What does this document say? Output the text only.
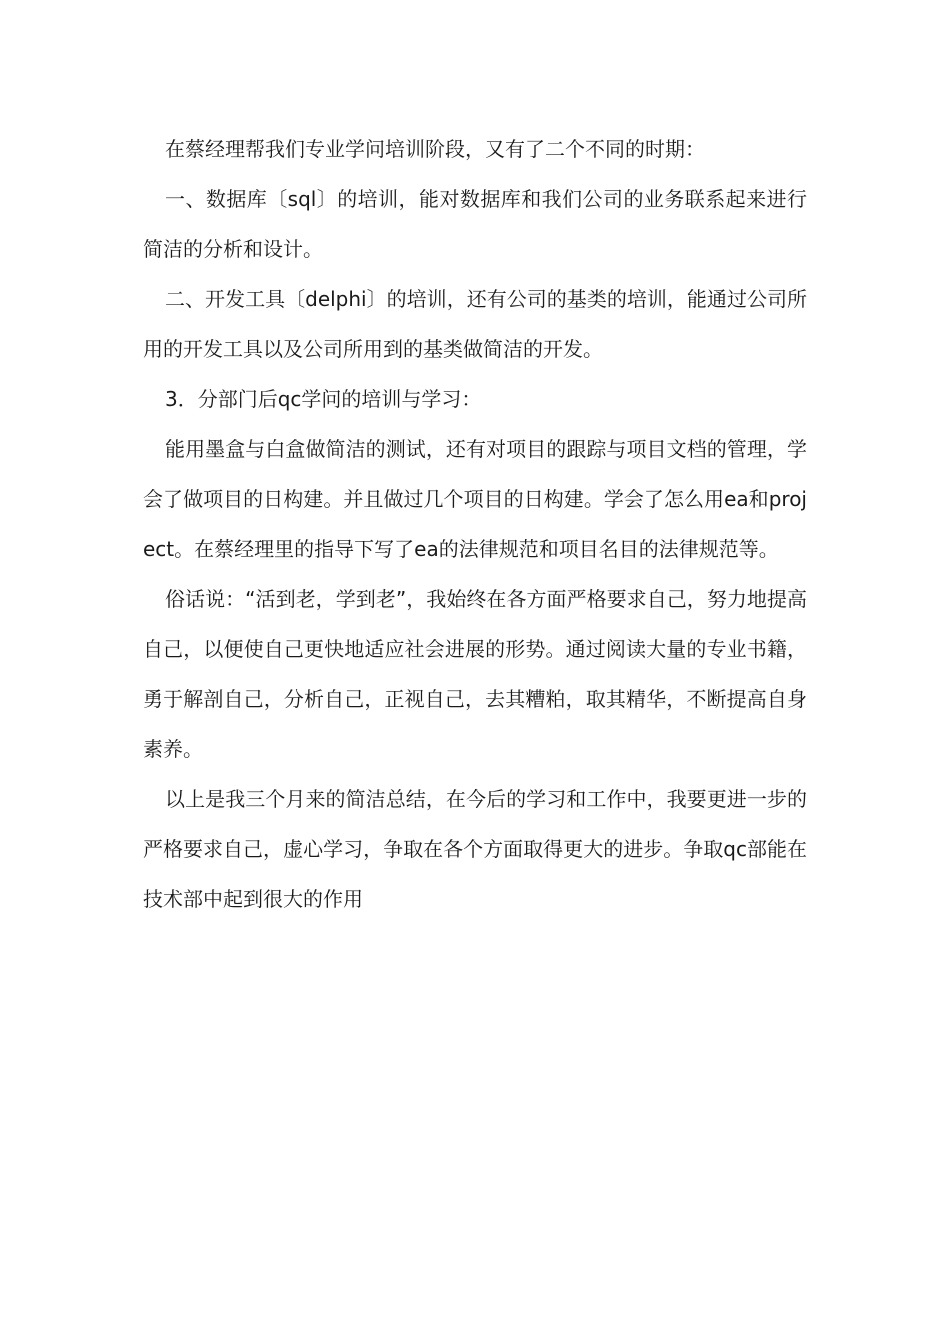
在蔡经理帮我们专业学问培训阶段，又有了二个不同的时期：

一、数据库〔sql〕的培训，能对数据库和我们公司的业务联系起来进行简洁的分析和设计。

二、开发工具〔delphi〕的培训，还有公司的基类的培训，能通过公司所用的开发工具以及公司所用到的基类做简洁的开发。

3．分部门后qc学问的培训与学习：

能用墨盒与白盒做简洁的测试，还有对项目的跟踪与项目文档的管理，学会了做项目的日构建。并且做过几个项目的日构建。学会了怎么用ea和project。在蔡经理里的指导下写了ea的法律规范和项目名目的法律规范等。

俗话说：“活到老，学到老”，我始终在各方面严格要求自己，努力地提高自己，以便使自己更快地适应社会进展的形势。通过阅读大量的专业书籍，勇于解剖自己，分析自己，正视自己，去其糟粕，取其精华，不断提高自身素养。

以上是我三个月来的简洁总结，在今后的学习和工作中，我要更进一步的严格要求自己，虚心学习，争取在各个方面取得更大的进步。争取qc部能在技术部中起到很大的作用
